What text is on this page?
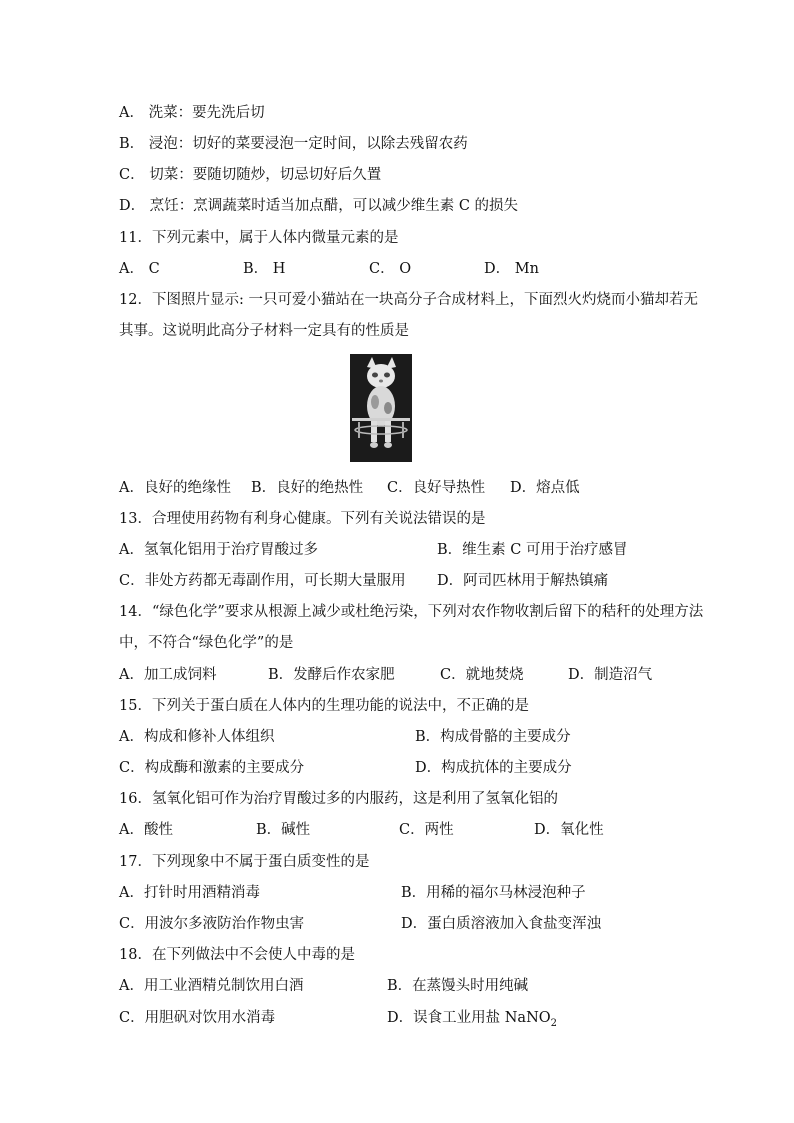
A． 洗菜：要先洗后切
B． 浸泡：切好的菜要浸泡一定时间，以除去残留农药
C． 切菜：要随切随炒，切忌切好后久置
D． 烹饪：烹调蔬菜时适当加点醋，可以减少维生素 C 的损失
11．下列元素中，属于人体内微量元素的是
A． C	B． H	C． O	D． Mn
12．下图照片显示: 一只可爱小猫站在一块高分子合成材料上，下面烈火灼烧而小猫却若无
其事。这说明此高分子材料一定具有的性质是
A．良好的绝缘性 B．良好的绝热性 C．良好导热性 D．熔点低
13．合理使用药物有利身心健康。下列有关说法错误的是
A．氢氧化铝用于治疗胃酸过多	B．维生素 C 可用于治疗感冒
C．非处方药都无毒副作用，可长期大量服用 D．阿司匹林用于解热镇痛
14．“绿色化学”要求从根源上减少或杜绝污染，下列对农作物收割后留下的秸秆的处理方法
中，不符合“绿色化学”的是
A．加工成饲料	B．发酵后作农家肥	C．就地焚烧	D．制造沼气
15．下列关于蛋白质在人体内的生理功能的说法中，不正确的是
A．构成和修补人体组织	B．构成骨骼的主要成分
C．构成酶和激素的主要成分	D．构成抗体的主要成分
16．氢氧化铝可作为治疗胃酸过多的内服药，这是利用了氢氧化铝的
A．酸性	B．碱性	C．两性	D．氧化性
17．下列现象中不属于蛋白质变性的是
A．打针时用酒精消毒	B．用稀的福尔马林浸泡种子
C．用波尔多液防治作物虫害	D．蛋白质溶液加入食盐变浑浊
18．在下列做法中不会使人中毒的是
A．用工业酒精兑制饮用白酒	B．在蒸馒头时用纯碱
C．用胆矾对饮用水消毒	D．误食工业用盐 NaNO$_2$
